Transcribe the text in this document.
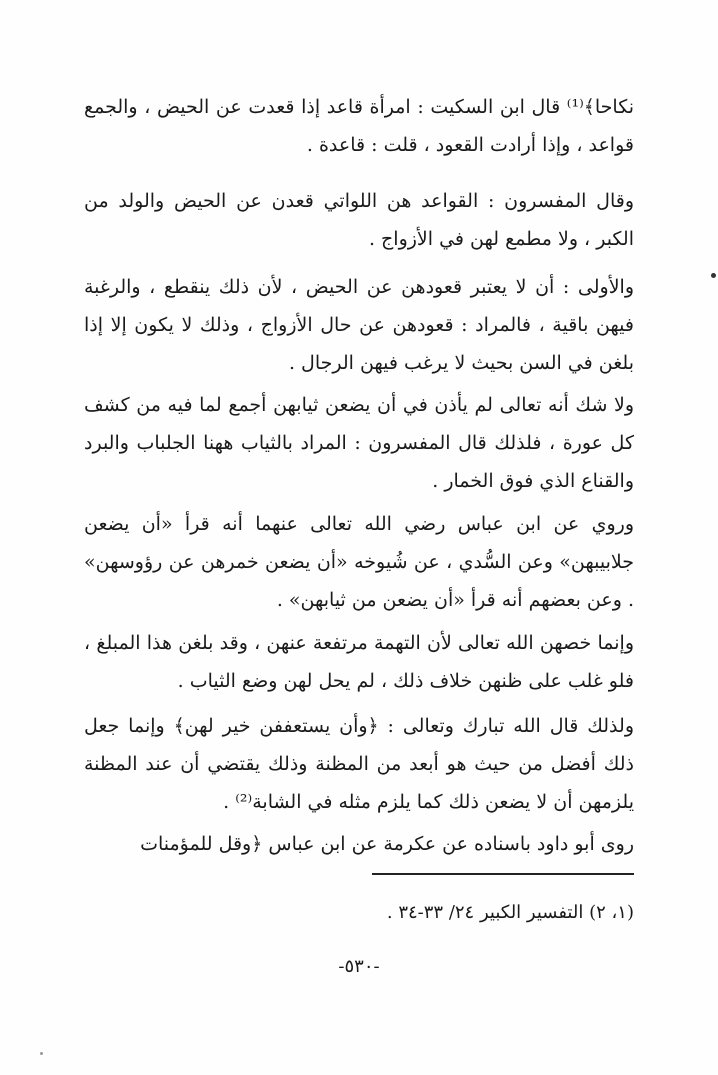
نكاحا﴾⁽¹⁾ قال ابن السكيت : امرأة قاعد إذا قعدت عن الحيض ، والجمع قواعد ، وإذا أرادت القعود ، قلت : قاعدة .
وقال المفسرون : القواعد هن اللواتي قعدن عن الحيض والولد من الكبر ، ولا مطمع لهن في الأزواج .
والأولى : أن لا يعتبر قعودهن عن الحيض ، لأن ذلك ينقطع ، والرغبة فيهن باقية ، فالمراد : قعودهن عن حال الأزواج ، وذلك لا يكون إلا إذا بلغن في السن بحيث لا يرغب فيهن الرجال .
ولا شك أنه تعالى لم يأذن في أن يضعن ثيابهن أجمع لما فيه من كشف كل عورة ، فلذلك قال المفسرون : المراد بالثياب ههنا الجلباب والبرد والقناع الذي فوق الخمار .
وروي عن ابن عباس رضي الله تعالى عنهما أنه قرأ «أن يضعن جلابيبهن» وعن السُّدي ، عن شُيوخه «أن يضعن خمرهن عن رؤوسهن» . وعن بعضهم أنه قرأ «أن يضعن من ثيابهن» .
وإنما خصهن الله تعالى لأن التهمة مرتفعة عنهن ، وقد بلغن هذا المبلغ ، فلو غلب على ظنهن خلاف ذلك ، لم يحل لهن وضع الثياب .
ولذلك قال الله تبارك وتعالى : ﴿وأن يستعففن خير لهن﴾ وإنما جعل ذلك أفضل من حيث هو أبعد من المظنة وذلك يقتضي أن عند المظنة يلزمهن أن لا يضعن ذلك كما يلزم مثله في الشابة⁽²⁾ .
روى أبو داود باسناده عن عكرمة عن ابن عباس ﴿وقل للمؤمنات
(١، ٢) التفسير الكبير ٢٤/ ٣٣-٣٤ .
-٥٣٠-
